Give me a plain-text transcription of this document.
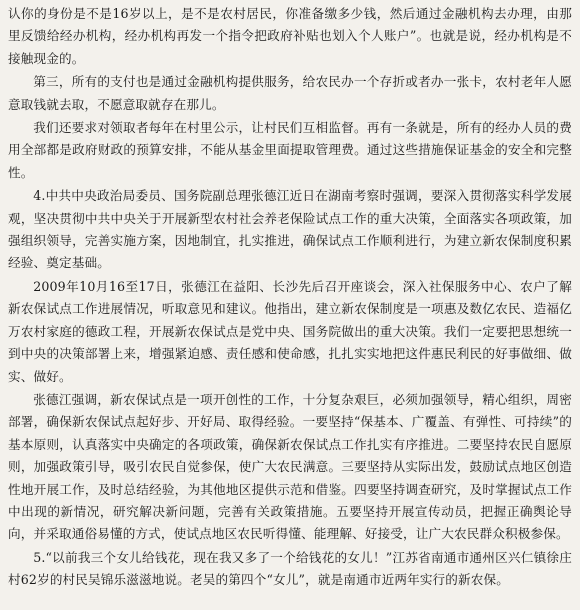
认你的身份是不是16岁以上，是不是农村居民，你准备缴多少钱，然后通过金融机构去办理，由那里反馈给经办机构，经办机构再发一个指令把政府补贴也划入个人账户”。也就是说，经办机构是不接触现金的。

第三，所有的支付也是通过金融机构提供服务，给农民办一个存折或者办一张卡，农村老年人愿意取钱就去取，不愿意取就存在那儿。

我们还要求对领取者每年在村里公示，让村民们互相监督。再有一条就是，所有的经办人员的费用全部都是政府财政的预算安排，不能从基金里面提取管理费。通过这些措施保证基金的安全和完整性。

4.中共中央政治局委员、国务院副总理张德江近日在湖南考察时强调，要深入贯彻落实科学发展观，坚决贯彻中共中央关于开展新型农村社会养老保险试点工作的重大决策，全面落实各项政策，加强组织领导，完善实施方案，因地制宜，扎实推进，确保试点工作顺利进行，为建立新农保制度积累经验、奠定基础。

2009年10月16至17日，张德江在益阳、长沙先后召开座谈会，深入社保服务中心、农户了解新农保试点工作进展情况，听取意见和建议。他指出，建立新农保制度是一项惠及数亿农民、造福亿万农村家庭的德政工程，开展新农保试点是党中央、国务院做出的重大决策。我们一定要把思想统一到中央的决策部署上来，增强紧迫感、责任感和使命感，扎扎实实地把这件惠民利民的好事做细、做实、做好。

张德江强调，新农保试点是一项开创性的工作，十分复杂艰巨，必须加强领导，精心组织，周密部署，确保新农保试点起好步、开好局、取得经验。一要坚持“保基本、广覆盖、有弹性、可持续”的基本原则，认真落实中央确定的各项政策，确保新农保试点工作扎实有序推进。二要坚持农民自愿原则，加强政策引导，吸引农民自觉参保，使广大农民满意。三要坚持从实际出发，鼓励试点地区创造性地开展工作，及时总结经验，为其他地区提供示范和借鉴。四要坚持调查研究，及时掌握试点工作中出现的新情况，研究解决新问题，完善有关政策措施。五要坚持开展宣传动员，把握正确舆论导向，并采取通俗易懂的方式，使试点地区农民听得懂、能理解、好接受，让广大农民群众积极参保。

5.“以前我三个女儿给钱花，现在我又多了一个给钱花的女儿！”江苏省南通市通州区兴仁镇徐庄村62岁的村民吴锦乐滋滋地说。老吴的第四个“女儿”，就是南通市近两年实行的新农保。
